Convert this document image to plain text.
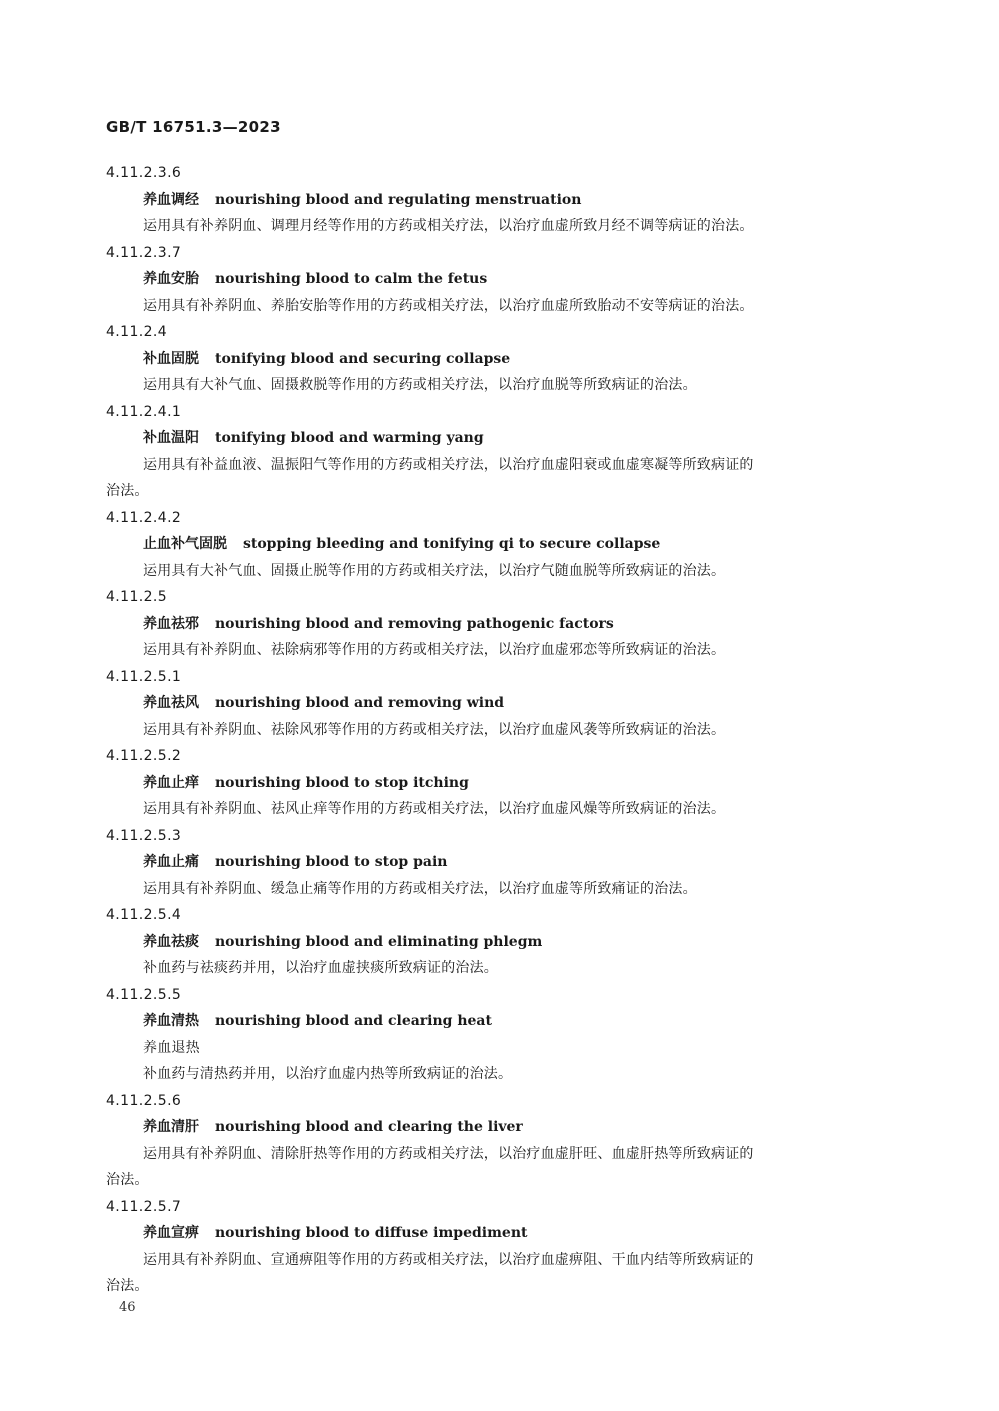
GB/T 16751.3—2023
4.11.2.3.6
养血调经 nourishing blood and regulating menstruation
运用具有补养阴血、调理月经等作用的方药或相关疗法，以治疗血虚所致月经不调等病证的治法。
4.11.2.3.7
养血安胎 nourishing blood to calm the fetus
运用具有补养阴血、养胎安胎等作用的方药或相关疗法，以治疗血虚所致胎动不安等病证的治法。
4.11.2.4
补血固脱 tonifying blood and securing collapse
运用具有大补气血、固摄救脱等作用的方药或相关疗法，以治疗血脱等所致病证的治法。
4.11.2.4.1
补血温阳 tonifying blood and warming yang
运用具有补益血液、温振阳气等作用的方药或相关疗法，以治疗血虚阳衰或血虚寒凝等所致病证的
治法。
4.11.2.4.2
止血补气固脱 stopping bleeding and tonifying qi to secure collapse
运用具有大补气血、固摄止脱等作用的方药或相关疗法，以治疗气随血脱等所致病证的治法。
4.11.2.5
养血祛邪 nourishing blood and removing pathogenic factors
运用具有补养阴血、祛除病邪等作用的方药或相关疗法，以治疗血虚邪恋等所致病证的治法。
4.11.2.5.1
养血祛风 nourishing blood and removing wind
运用具有补养阴血、祛除风邪等作用的方药或相关疗法，以治疗血虚风袭等所致病证的治法。
4.11.2.5.2
养血止痒 nourishing blood to stop itching
运用具有补养阴血、祛风止痒等作用的方药或相关疗法，以治疗血虚风燥等所致病证的治法。
4.11.2.5.3
养血止痛 nourishing blood to stop pain
运用具有补养阴血、缓急止痛等作用的方药或相关疗法，以治疗血虚等所致痛证的治法。
4.11.2.5.4
养血祛痰 nourishing blood and eliminating phlegm
补血药与祛痰药并用，以治疗血虚挟痰所致病证的治法。
4.11.2.5.5
养血清热 nourishing blood and clearing heat
养血退热
补血药与清热药并用，以治疗血虚内热等所致病证的治法。
4.11.2.5.6
养血清肝 nourishing blood and clearing the liver
运用具有补养阴血、清除肝热等作用的方药或相关疗法，以治疗血虚肝旺、血虚肝热等所致病证的
治法。
4.11.2.5.7
养血宣痹 nourishing blood to diffuse impediment
运用具有补养阴血、宣通痹阻等作用的方药或相关疗法，以治疗血虚痹阻、干血内结等所致病证的
治法。
46
